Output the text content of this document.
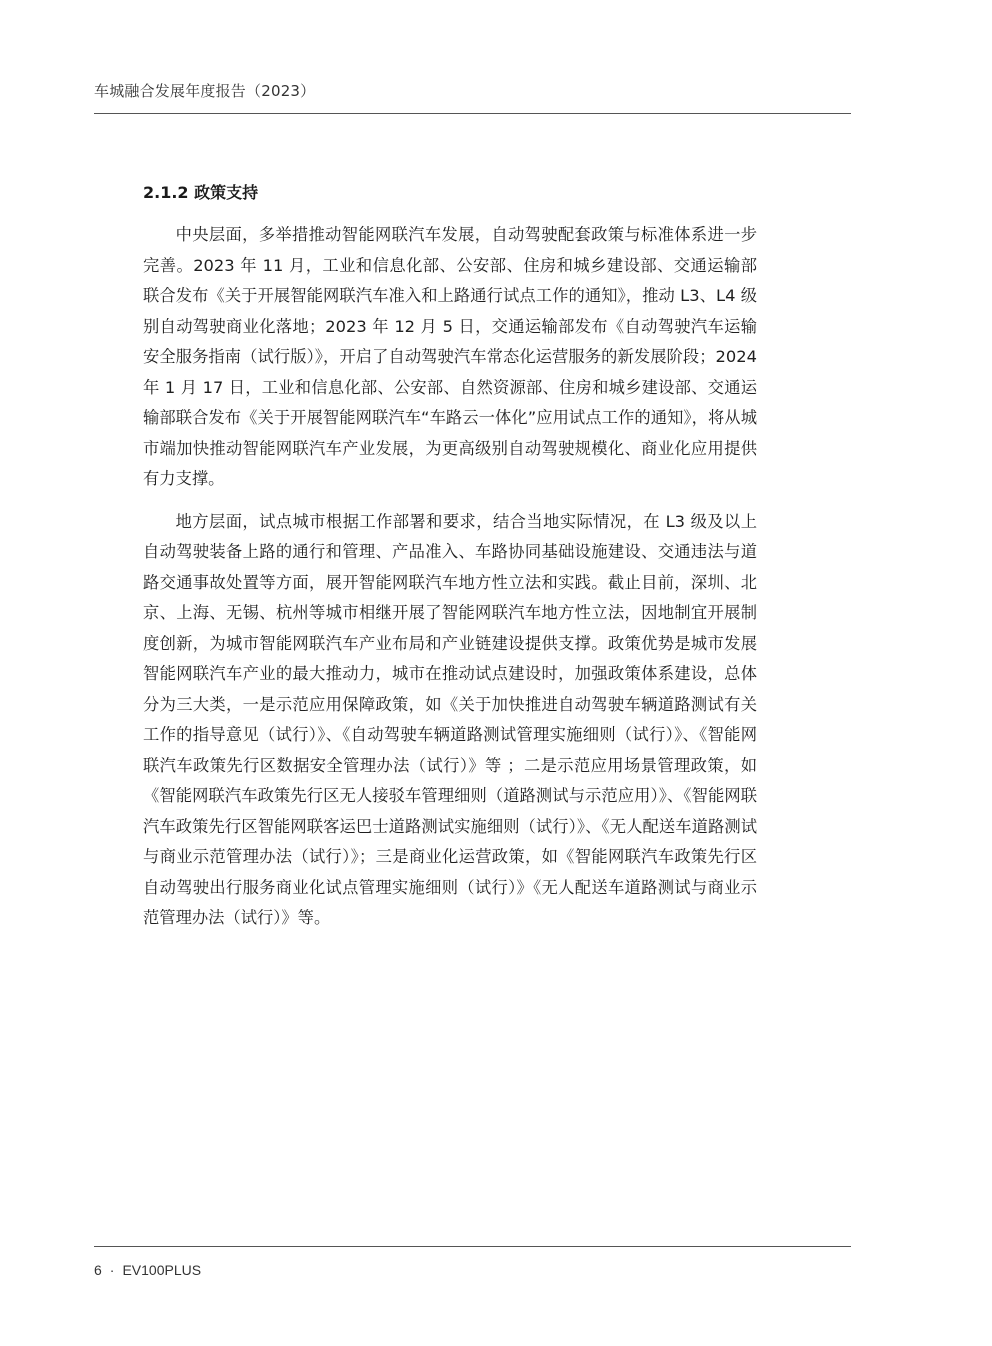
车城融合发展年度报告（2023）
2.1.2 政策支持

中央层面，多举措推动智能网联汽车发展，自动驾驶配套政策与标准体系进一步完善。2023 年 11 月，工业和信息化部、公安部、住房和城乡建设部、交通运输部联合发布《关于开展智能网联汽车准入和上路通行试点工作的通知》，推动 L3、L4 级别自动驾驶商业化落地；2023 年 12 月 5 日，交通运输部发布《自动驾驶汽车运输安全服务指南（试行版）》，开启了自动驾驶汽车常态化运营服务的新发展阶段；2024 年 1 月 17 日，工业和信息化部、公安部、自然资源部、住房和城乡建设部、交通运输部联合发布《关于开展智能网联汽车“车路云一体化”应用试点工作的通知》，将从城市端加快推动智能网联汽车产业发展，为更高级别自动驾驶规模化、商业化应用提供有力支撑。

地方层面，试点城市根据工作部署和要求，结合当地实际情况，在 L3 级及以上自动驾驶装备上路的通行和管理、产品准入、车路协同基础设施建设、交通违法与道路交通事故处置等方面，展开智能网联汽车地方性立法和实践。截止目前，深圳、北京、上海、无锡、杭州等城市相继开展了智能网联汽车地方性立法，因地制宜开展制度创新，为城市智能网联汽车产业布局和产业链建设提供支撑。政策优势是城市发展智能网联汽车产业的最大推动力，城市在推动试点建设时，加强政策体系建设，总体分为三大类，一是示范应用保障政策，如《关于加快推进自动驾驶车辆道路测试有关工作的指导意见（试行）》、《自动驾驶车辆道路测试管理实施细则（试行）》、《智能网联汽车政策先行区数据安全管理办法（试行）》等 ；二是示范应用场景管理政策，如《智能网联汽车政策先行区无人接驳车管理细则（道路测试与示范应用）》、《智能网联汽车政策先行区智能网联客运巴士道路测试实施细则（试行）》、《无人配送车道路测试与商业示范管理办法（试行）》；三是商业化运营政策，如《智能网联汽车政策先行区自动驾驶出行服务商业化试点管理实施细则（试行）》《无人配送车道路测试与商业示范管理办法（试行）》等。

6 · EV100PLUS
